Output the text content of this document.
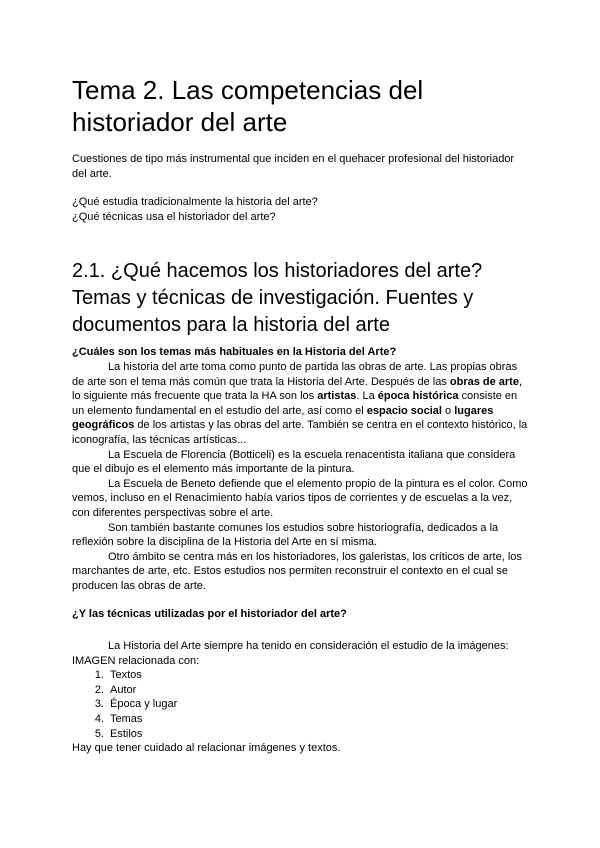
Tema 2. Las competencias del historiador del arte

Cuestiones de tipo más instrumental que inciden en el quehacer profesional del historiador del arte.

¿Qué estudia tradicionalmente la historia del arte?
¿Qué técnicas usa el historiador del arte?
2.1. ¿Qué hacemos los historiadores del arte? Temas y técnicas de investigación. Fuentes y documentos para la historia del arte

¿Cuáles son los temas más habituales en la Historia del Arte?

La historia del arte toma como punto de partida las obras de arte. Las propias obras de arte son el tema más común que trata la Historia del Arte. Después de las obras de arte, lo siguiente más frecuente que trata la HA son los artistas. La época histórica consiste en un elemento fundamental en el estudio del arte, así como el espacio social o lugares geográficos de los artistas y las obras del arte. También se centra en el contexto histórico, la iconografía, las técnicas artísticas...

La Escuela de Florencia (Botticeli) es la escuela renacentista italiana que considera que el dibujo es el elemento más importante de la pintura.

La Escuela de Beneto defiende que el elemento propio de la pintura es el color. Como vemos, incluso en el Renacimiento había varios tipos de corrientes y de escuelas a la vez, con diferentes perspectivas sobre el arte.

Son también bastante comunes los estudios sobre historiografía, dedicados a la reflexión sobre la disciplina de la Historia del Arte en sí misma.

Otro ámbito se centra más en los historiadores, los galeristas, los críticos de arte, los marchantes de arte, etc. Estos estudios nos permiten reconstruir el contexto en el cual se producen las obras de arte.

¿Y las técnicas utilizadas por el historiador del arte?

La Historia del Arte siempre ha tenido en consideración el estudio de la imágenes: IMAGEN relacionada con:

1. Textos
2. Autor
3. Época y lugar
4. Temas
5. Estilos

Hay que tener cuidado al relacionar imágenes y textos.
